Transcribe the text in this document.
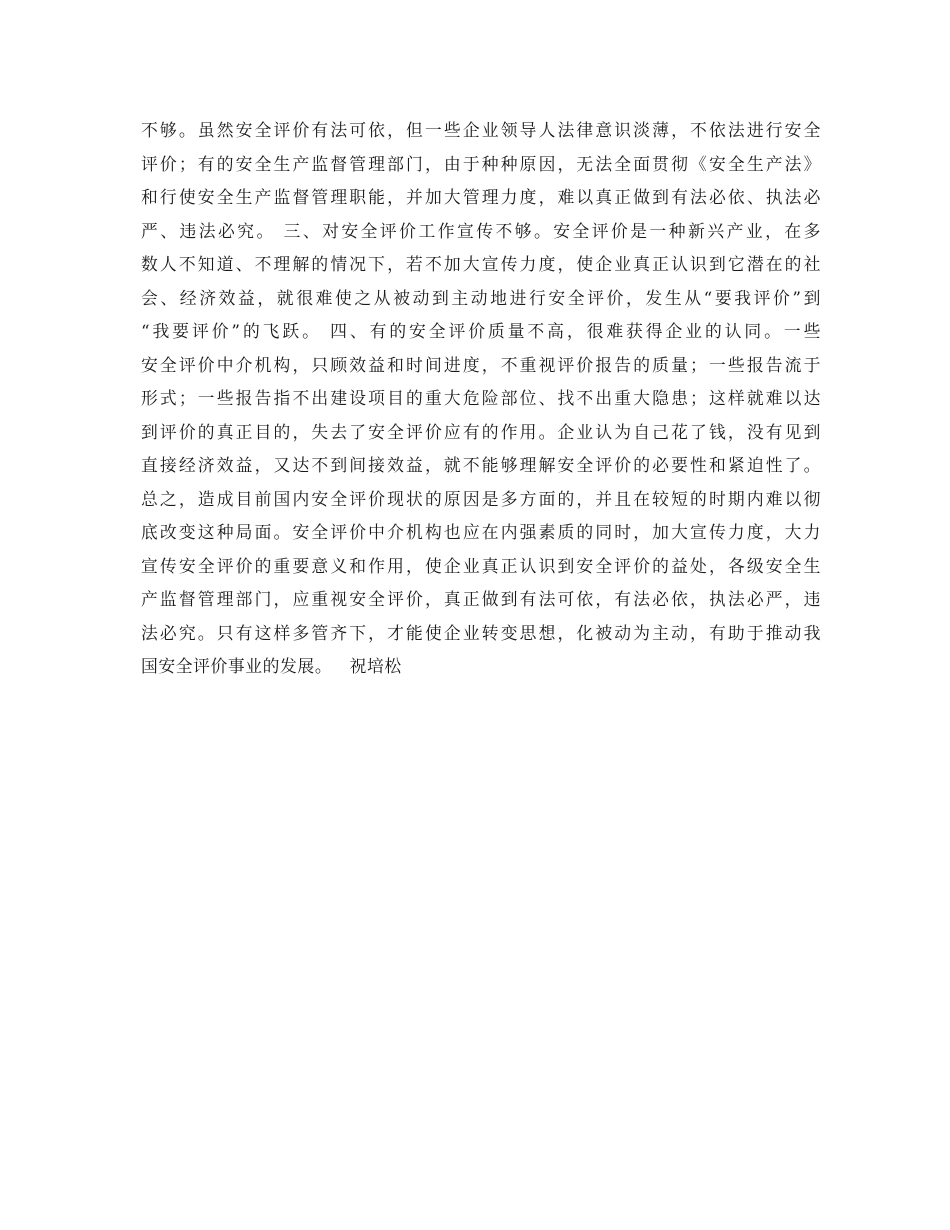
不够。虽然安全评价有法可依，但一些企业领导人法律意识淡薄，不依法进行安全
评价；有的安全生产监督管理部门，由于种种原因，无法全面贯彻《安全生产法》
和行使安全生产监督管理职能，并加大管理力度，难以真正做到有法必依、执法必
严、违法必究。 三、对安全评价工作宣传不够。安全评价是一种新兴产业，在多
数人不知道、不理解的情况下，若不加大宣传力度，使企业真正认识到它潜在的社
会、经济效益，就很难使之从被动到主动地进行安全评价，发生从“要我评价”到
“我要评价”的飞跃。 四、有的安全评价质量不高，很难获得企业的认同。一些
安全评价中介机构，只顾效益和时间进度，不重视评价报告的质量；一些报告流于
形式；一些报告指不出建设项目的重大危险部位、找不出重大隐患；这样就难以达
到评价的真正目的，失去了安全评价应有的作用。企业认为自己花了钱，没有见到
直接经济效益，又达不到间接效益，就不能够理解安全评价的必要性和紧迫性了。
总之，造成目前国内安全评价现状的原因是多方面的，并且在较短的时期内难以彻
底改变这种局面。安全评价中介机构也应在内强素质的同时，加大宣传力度，大力
宣传安全评价的重要意义和作用，使企业真正认识到安全评价的益处，各级安全生
产监督管理部门，应重视安全评价，真正做到有法可依，有法必依，执法必严，违
法必究。只有这样多管齐下，才能使企业转变思想，化被动为主动，有助于推动我
国安全评价事业的发展。  祝培松
